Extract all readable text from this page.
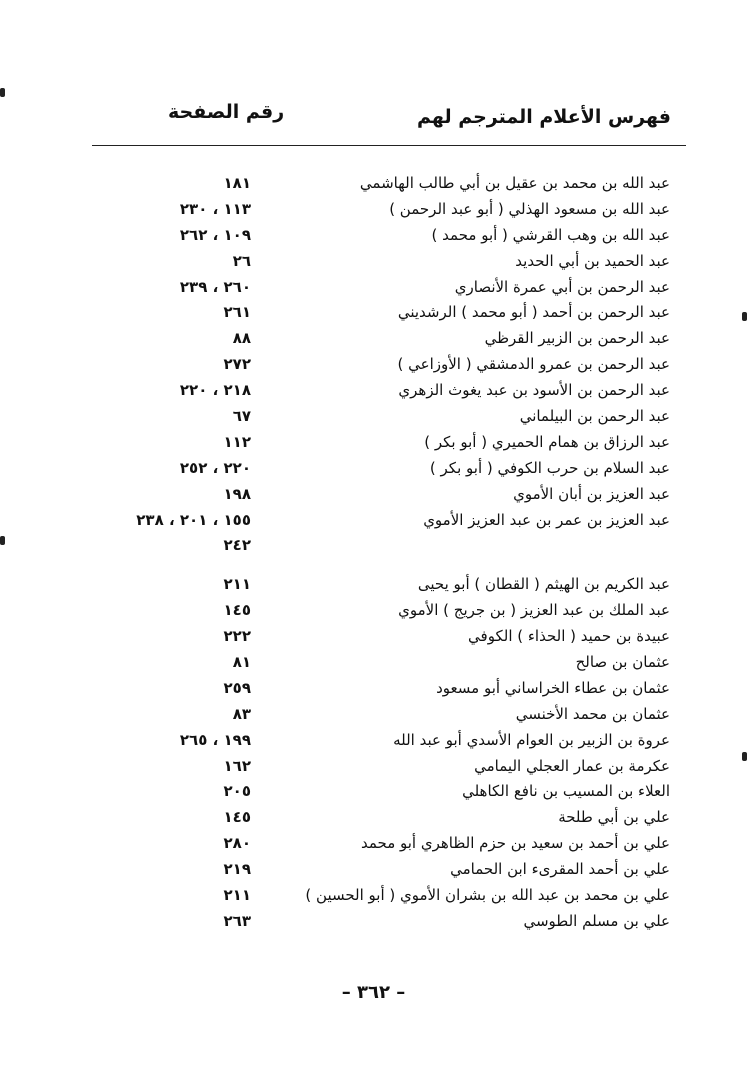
فهرس الأعلام المترجم لهم
رقم الصفحة
عبد الله بن محمد بن عقيل بن أبي طالب الهاشمي
١٨١
عبد الله بن مسعود الهذلي ( أبو عبد الرحمن )
١١٣ ، ٢٣٠
عبد الله بن وهب القرشي ( أبو محمد )
١٠٩ ، ٢٦٢
عبد الحميد بن أبي الحديد
٢٦
عبد الرحمن بن أبي عمرة الأنصاري
٢٦٠ ، ٢٣٩
عبد الرحمن بن أحمد ( أبو محمد ) الرشديني
٢٦١
عبد الرحمن بن الزبير القرظي
٨٨
عبد الرحمن بن عمرو الدمشقي ( الأوزاعي )
٢٧٢
عبد الرحمن بن الأسود بن عبد يغوث الزهري
٢١٨ ، ٢٢٠
عبد الرحمن بن البيلماني
٦٧
عبد الرزاق بن همام الحميري ( أبو بكر )
١١٢
عبد السلام بن حرب الكوفي ( أبو بكر )
٢٢٠ ، ٢٥٢
عبد العزيز بن أبان الأموي
١٩٨
عبد العزيز بن عمر بن عبد العزيز الأموي
١٥٥ ، ٢٠١ ، ٢٣٨
٢٤٢
عبد الكريم بن الهيثم ( القطان ) أبو يحيى
٢١١
عبد الملك بن عبد العزيز ( بن جريج ) الأموي
١٤٥
عبيدة بن حميد ( الحذاء ) الكوفي
٢٢٢
عثمان بن صالح
٨١
عثمان بن عطاء الخراساني أبو مسعود
٢٥٩
عثمان بن محمد الأخنسي
٨٣
عروة بن الزبير بن العوام الأسدي أبو عبد الله
١٩٩ ، ٢٦٥
عكرمة بن عمار العجلي اليمامي
١٦٢
العلاء بن المسيب بن نافع الكاهلي
٢٠٥
علي بن أبي طلحة
١٤٥
علي بن أحمد بن سعيد بن حزم الظاهري أبو محمد
٢٨٠
علي بن أحمد المقرىء ابن الحمامي
٢١٩
علي بن محمد بن عبد الله بن بشران الأموي ( أبو الحسين )
٢١١
علي بن مسلم الطوسي
٢٦٣
– ٣٦٢ –
